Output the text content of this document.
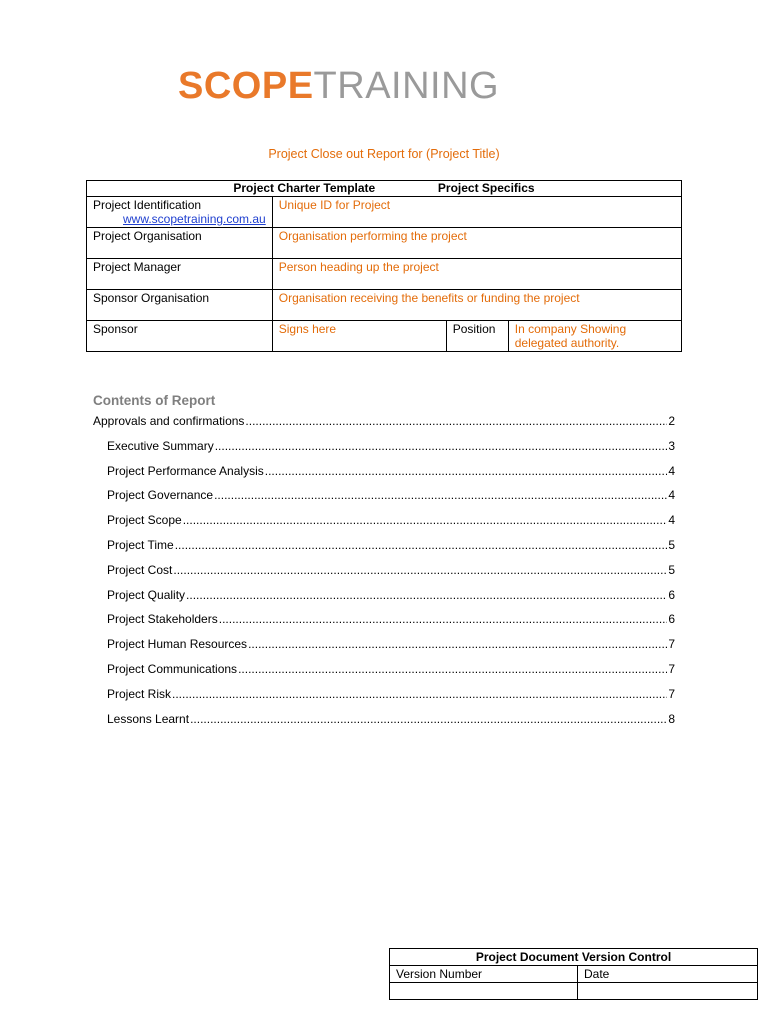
SCOPETRAINING
Project Close out Report for (Project Title)
Project Charter Template Project Specifics			
Project Identification
www.scopetraining.com.au	Unique ID for Project		
Project Organisation	Organisation performing the project		
Project Manager	Person heading up the project		
Sponsor Organisation	Organisation receiving the benefits or funding the project		
Sponsor	Signs here	Position	In company Showing delegated authority.
Contents of Report
Approvals and confirmations .....	2
Executive Summary .....	3
Project Performance Analysis .....	4
Project Governance .....	4
Project Scope .....	4
Project Time .....	5
Project Cost .....	5
Project Quality .....	6
Project Stakeholders .....	6
Project Human Resources .....	7
Project Communications .....	7
Project Risk .....	7
Lessons Learnt .....	8
Project Document Version Control	
Version Number	Date
